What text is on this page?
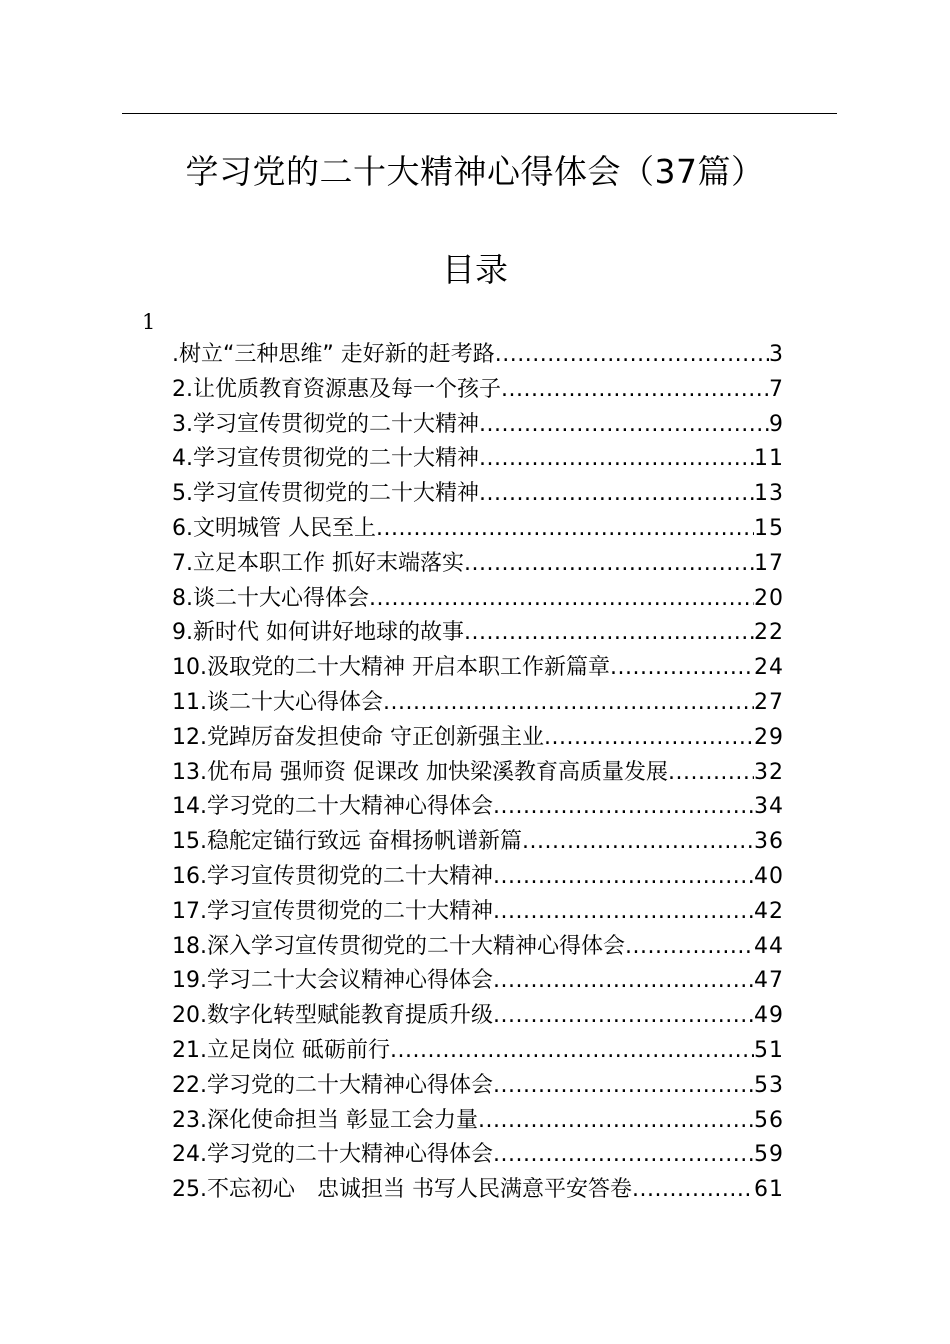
学习党的二十大精神心得体会（37篇）
目录
1
.树立“三种思维” 走好新的赶考路 .....	3
2.让优质教育资源惠及每一个孩子 .....	7
3.学习宣传贯彻党的二十大精神 .....	9
4.学习宣传贯彻党的二十大精神 .....	11
5.学习宣传贯彻党的二十大精神 .....	13
6.文明城管 人民至上 .....	15
7.立足本职工作 抓好末端落实 .....	17
8.谈二十大心得体会 .....	20
9.新时代 如何讲好地球的故事 .....	22
10.汲取党的二十大精神 开启本职工作新篇章 .....	24
11.谈二十大心得体会 .....	27
12.党踔厉奋发担使命 守正创新强主业 .....	29
13.优布局 强师资 促课改 加快梁溪教育高质量发展 .....	32
14.学习党的二十大精神心得体会 .....	34
15.稳舵定锚行致远 奋楫扬帆谱新篇 .....	36
16.学习宣传贯彻党的二十大精神 .....	40
17.学习宣传贯彻党的二十大精神 .....	42
18.深入学习宣传贯彻党的二十大精神心得体会 .....	44
19.学习二十大会议精神心得体会 .....	47
20.数字化转型赋能教育提质升级 .....	49
21.立足岗位 砥砺前行 .....	51
22.学习党的二十大精神心得体会 .....	53
23.深化使命担当 彰显工会力量 .....	56
24.学习党的二十大精神心得体会 .....	59
25.不忘初心　忠诚担当 书写人民满意平安答卷 .....	61
